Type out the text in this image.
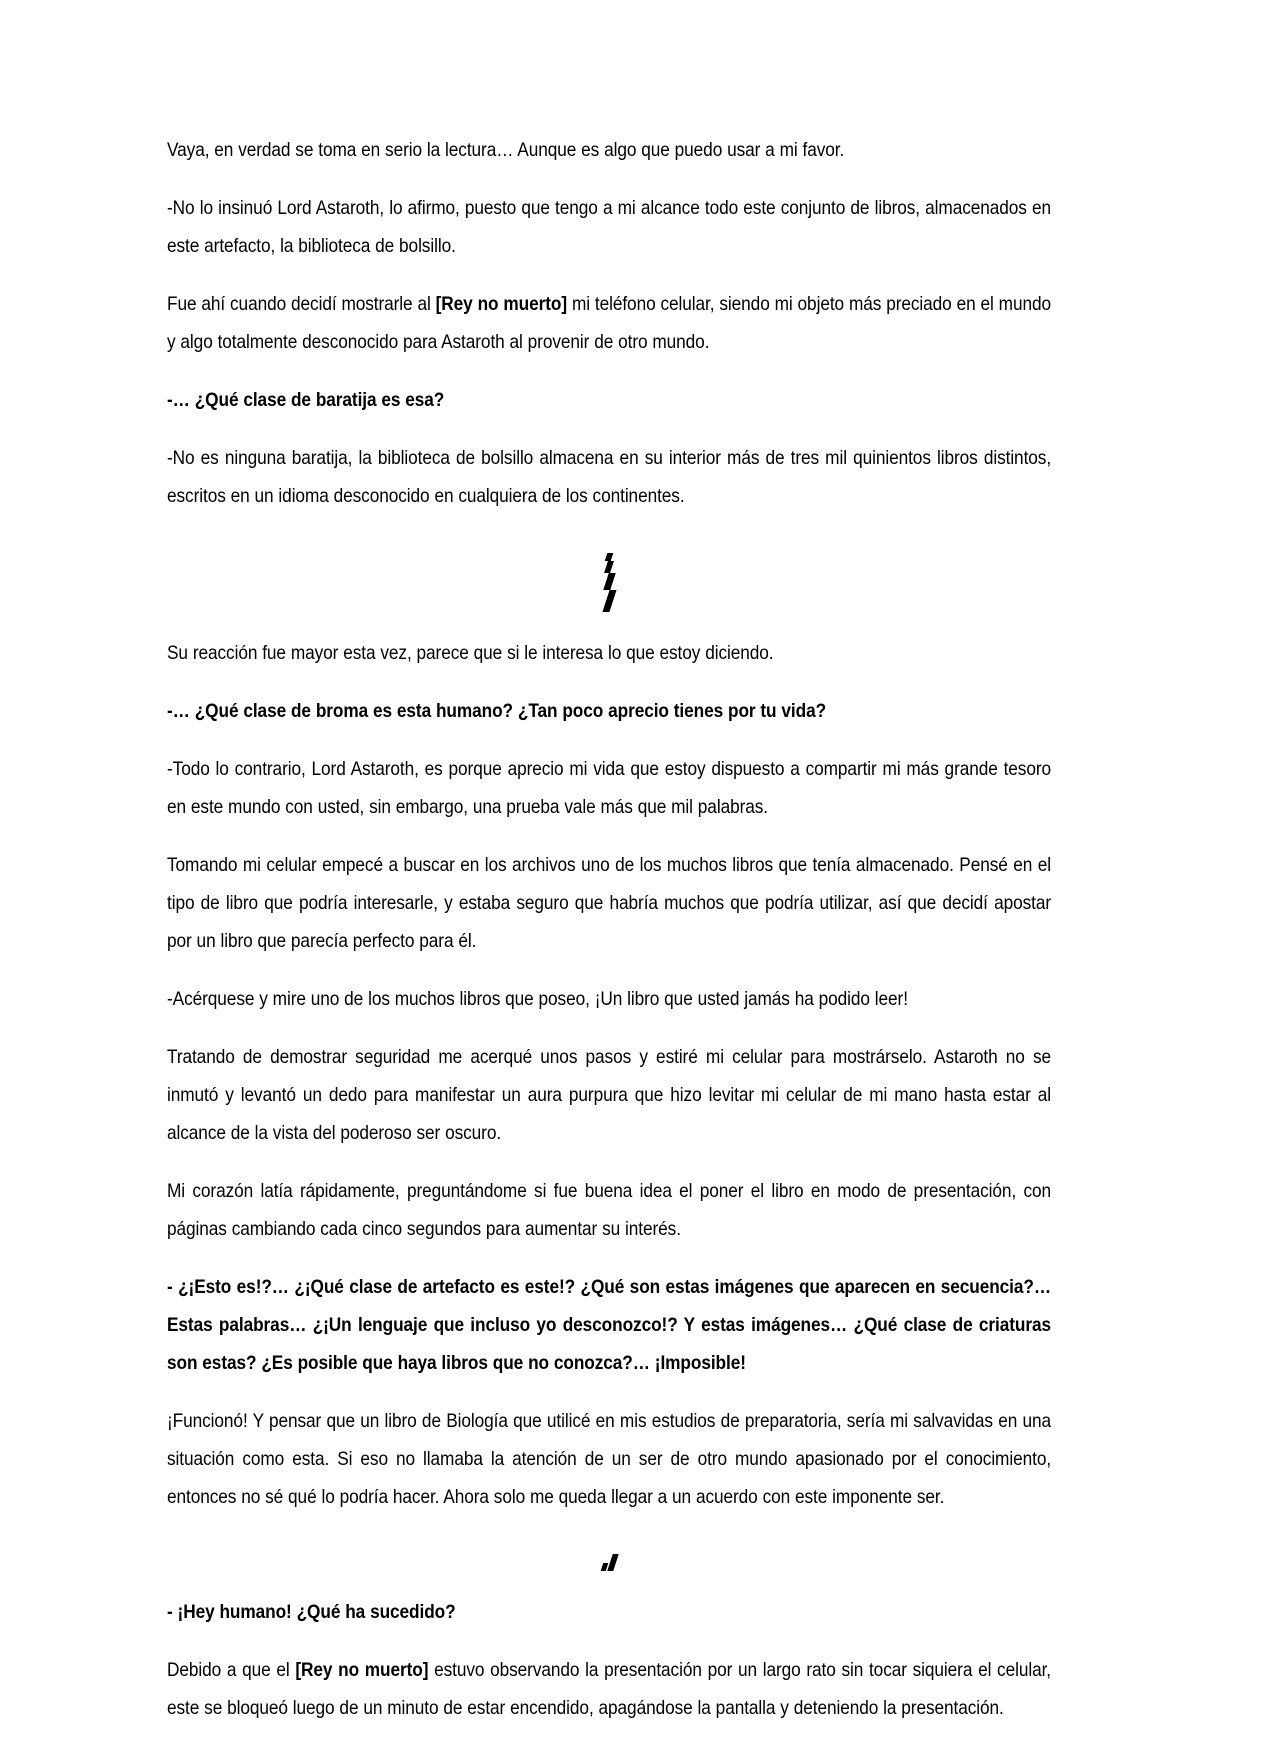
Vaya, en verdad se toma en serio la lectura… Aunque es algo que puedo usar a mi favor.

-No lo insinuó Lord Astaroth, lo afirmo, puesto que tengo a mi alcance todo este conjunto de libros, almacenados en este artefacto, la biblioteca de bolsillo.

Fue ahí cuando decidí mostrarle al [Rey no muerto] mi teléfono celular, siendo mi objeto más preciado en el mundo y algo totalmente desconocido para Astaroth al provenir de otro mundo.

-… ¿Qué clase de baratija es esa?

-No es ninguna baratija, la biblioteca de bolsillo almacena en su interior más de tres mil quinientos libros distintos, escritos en un idioma desconocido en cualquiera de los continentes.

Su reacción fue mayor esta vez, parece que si le interesa lo que estoy diciendo.

-… ¿Qué clase de broma es esta humano? ¿Tan poco aprecio tienes por tu vida?

-Todo lo contrario, Lord Astaroth, es porque aprecio mi vida que estoy dispuesto a compartir mi más grande tesoro en este mundo con usted, sin embargo, una prueba vale más que mil palabras.

Tomando mi celular empecé a buscar en los archivos uno de los muchos libros que tenía almacenado. Pensé en el tipo de libro que podría interesarle, y estaba seguro que habría muchos que podría utilizar, así que decidí apostar por un libro que parecía perfecto para él.

-Acérquese y mire uno de los muchos libros que poseo, ¡Un libro que usted jamás ha podido leer!

Tratando de demostrar seguridad me acerqué unos pasos y estiré mi celular para mostrárselo. Astaroth no se inmutó y levantó un dedo para manifestar un aura purpura que hizo levitar mi celular de mi mano hasta estar al alcance de la vista del poderoso ser oscuro.

Mi corazón latía rápidamente, preguntándome si fue buena idea el poner el libro en modo de presentación, con páginas cambiando cada cinco segundos para aumentar su interés.

- ¿¡Esto es!?… ¿¡Qué clase de artefacto es este!? ¿Qué son estas imágenes que aparecen en secuencia?… Estas palabras… ¿¡Un lenguaje que incluso yo desconozco!? Y estas imágenes… ¿Qué clase de criaturas son estas? ¿Es posible que haya libros que no conozca?… ¡Imposible!

¡Funcionó! Y pensar que un libro de Biología que utilicé en mis estudios de preparatoria, sería mi salvavidas en una situación como esta. Si eso no llamaba la atención de un ser de otro mundo apasionado por el conocimiento, entonces no sé qué lo podría hacer. Ahora solo me queda llegar a un acuerdo con este imponente ser.

- ¡Hey humano! ¿Qué ha sucedido?

Debido a que el [Rey no muerto] estuvo observando la presentación por un largo rato sin tocar siquiera el celular, este se bloqueó luego de un minuto de estar encendido, apagándose la pantalla y deteniendo la presentación.
